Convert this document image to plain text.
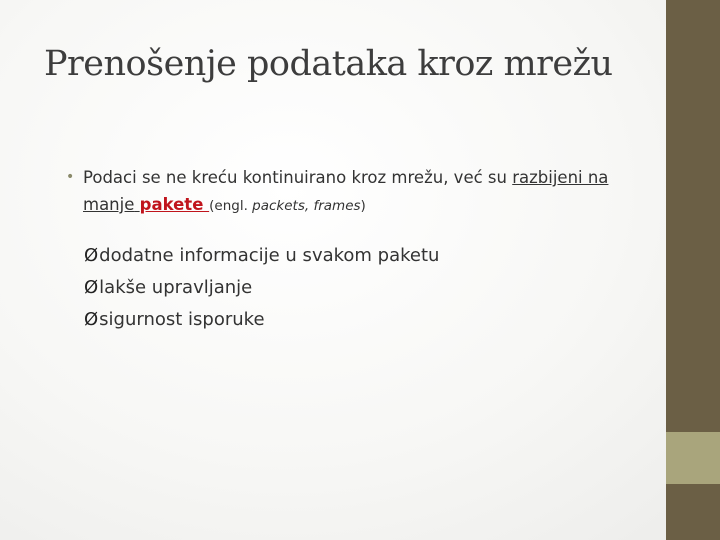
Prenošenje podataka kroz mrežu
• Podaci se ne kreću kontinuirano kroz mrežu, već su razbijeni na manje pakete (engl. packets, frames)
Ø dodatne informacije u svakom paketu
Ø lakše upravljanje
Ø sigurnost isporuke
